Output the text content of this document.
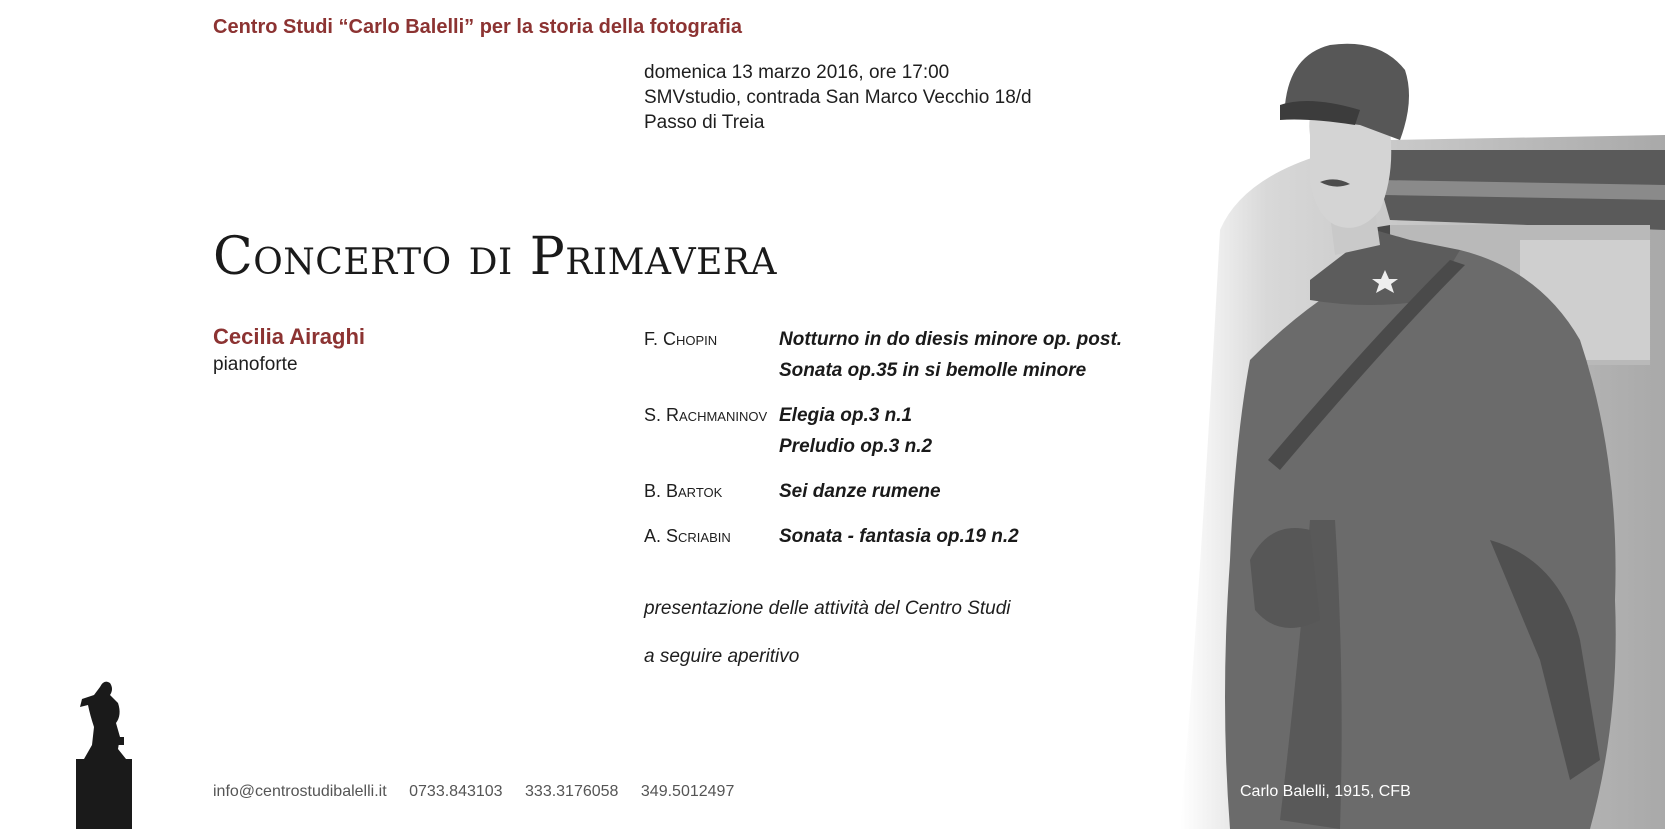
Centro Studi “Carlo Balelli” per la storia della fotografia
domenica 13 marzo 2016, ore 17:00
SMVstudio, contrada San Marco Vecchio 18/d
Passo di Treia
Concerto di Primavera
Cecilia Airaghi
pianoforte
F. Chopin	Notturno in do diesis minore op. post.
Sonata op.35 in si bemolle minore
S. Rachmaninov Elegia op.3 n.1
Preludio op.3 n.2
B. Bartok	Sei danze rumene
A. Scriabin	Sonata - fantasia op.19 n.2
presentazione delle attività del Centro Studi
a seguire aperitivo
info@centrostudibalelli.it 0733.843103 333.3176058 349.5012497	Carlo Balelli, 1915, CFB
